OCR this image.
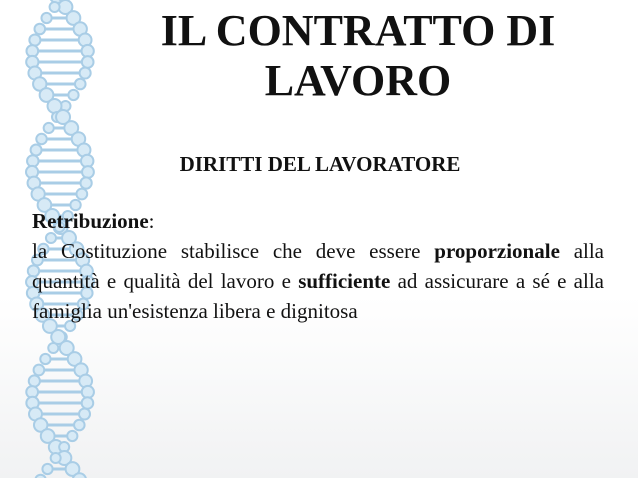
IL CONTRATTO DI
LAVORO
DIRITTI DEL LAVORATORE
Retribuzione:
la Costituzione stabilisce che deve essere proporzionale alla quantità e qualità del lavoro e sufficiente ad assicurare a sé e alla famiglia un'esistenza libera e dignitosa
